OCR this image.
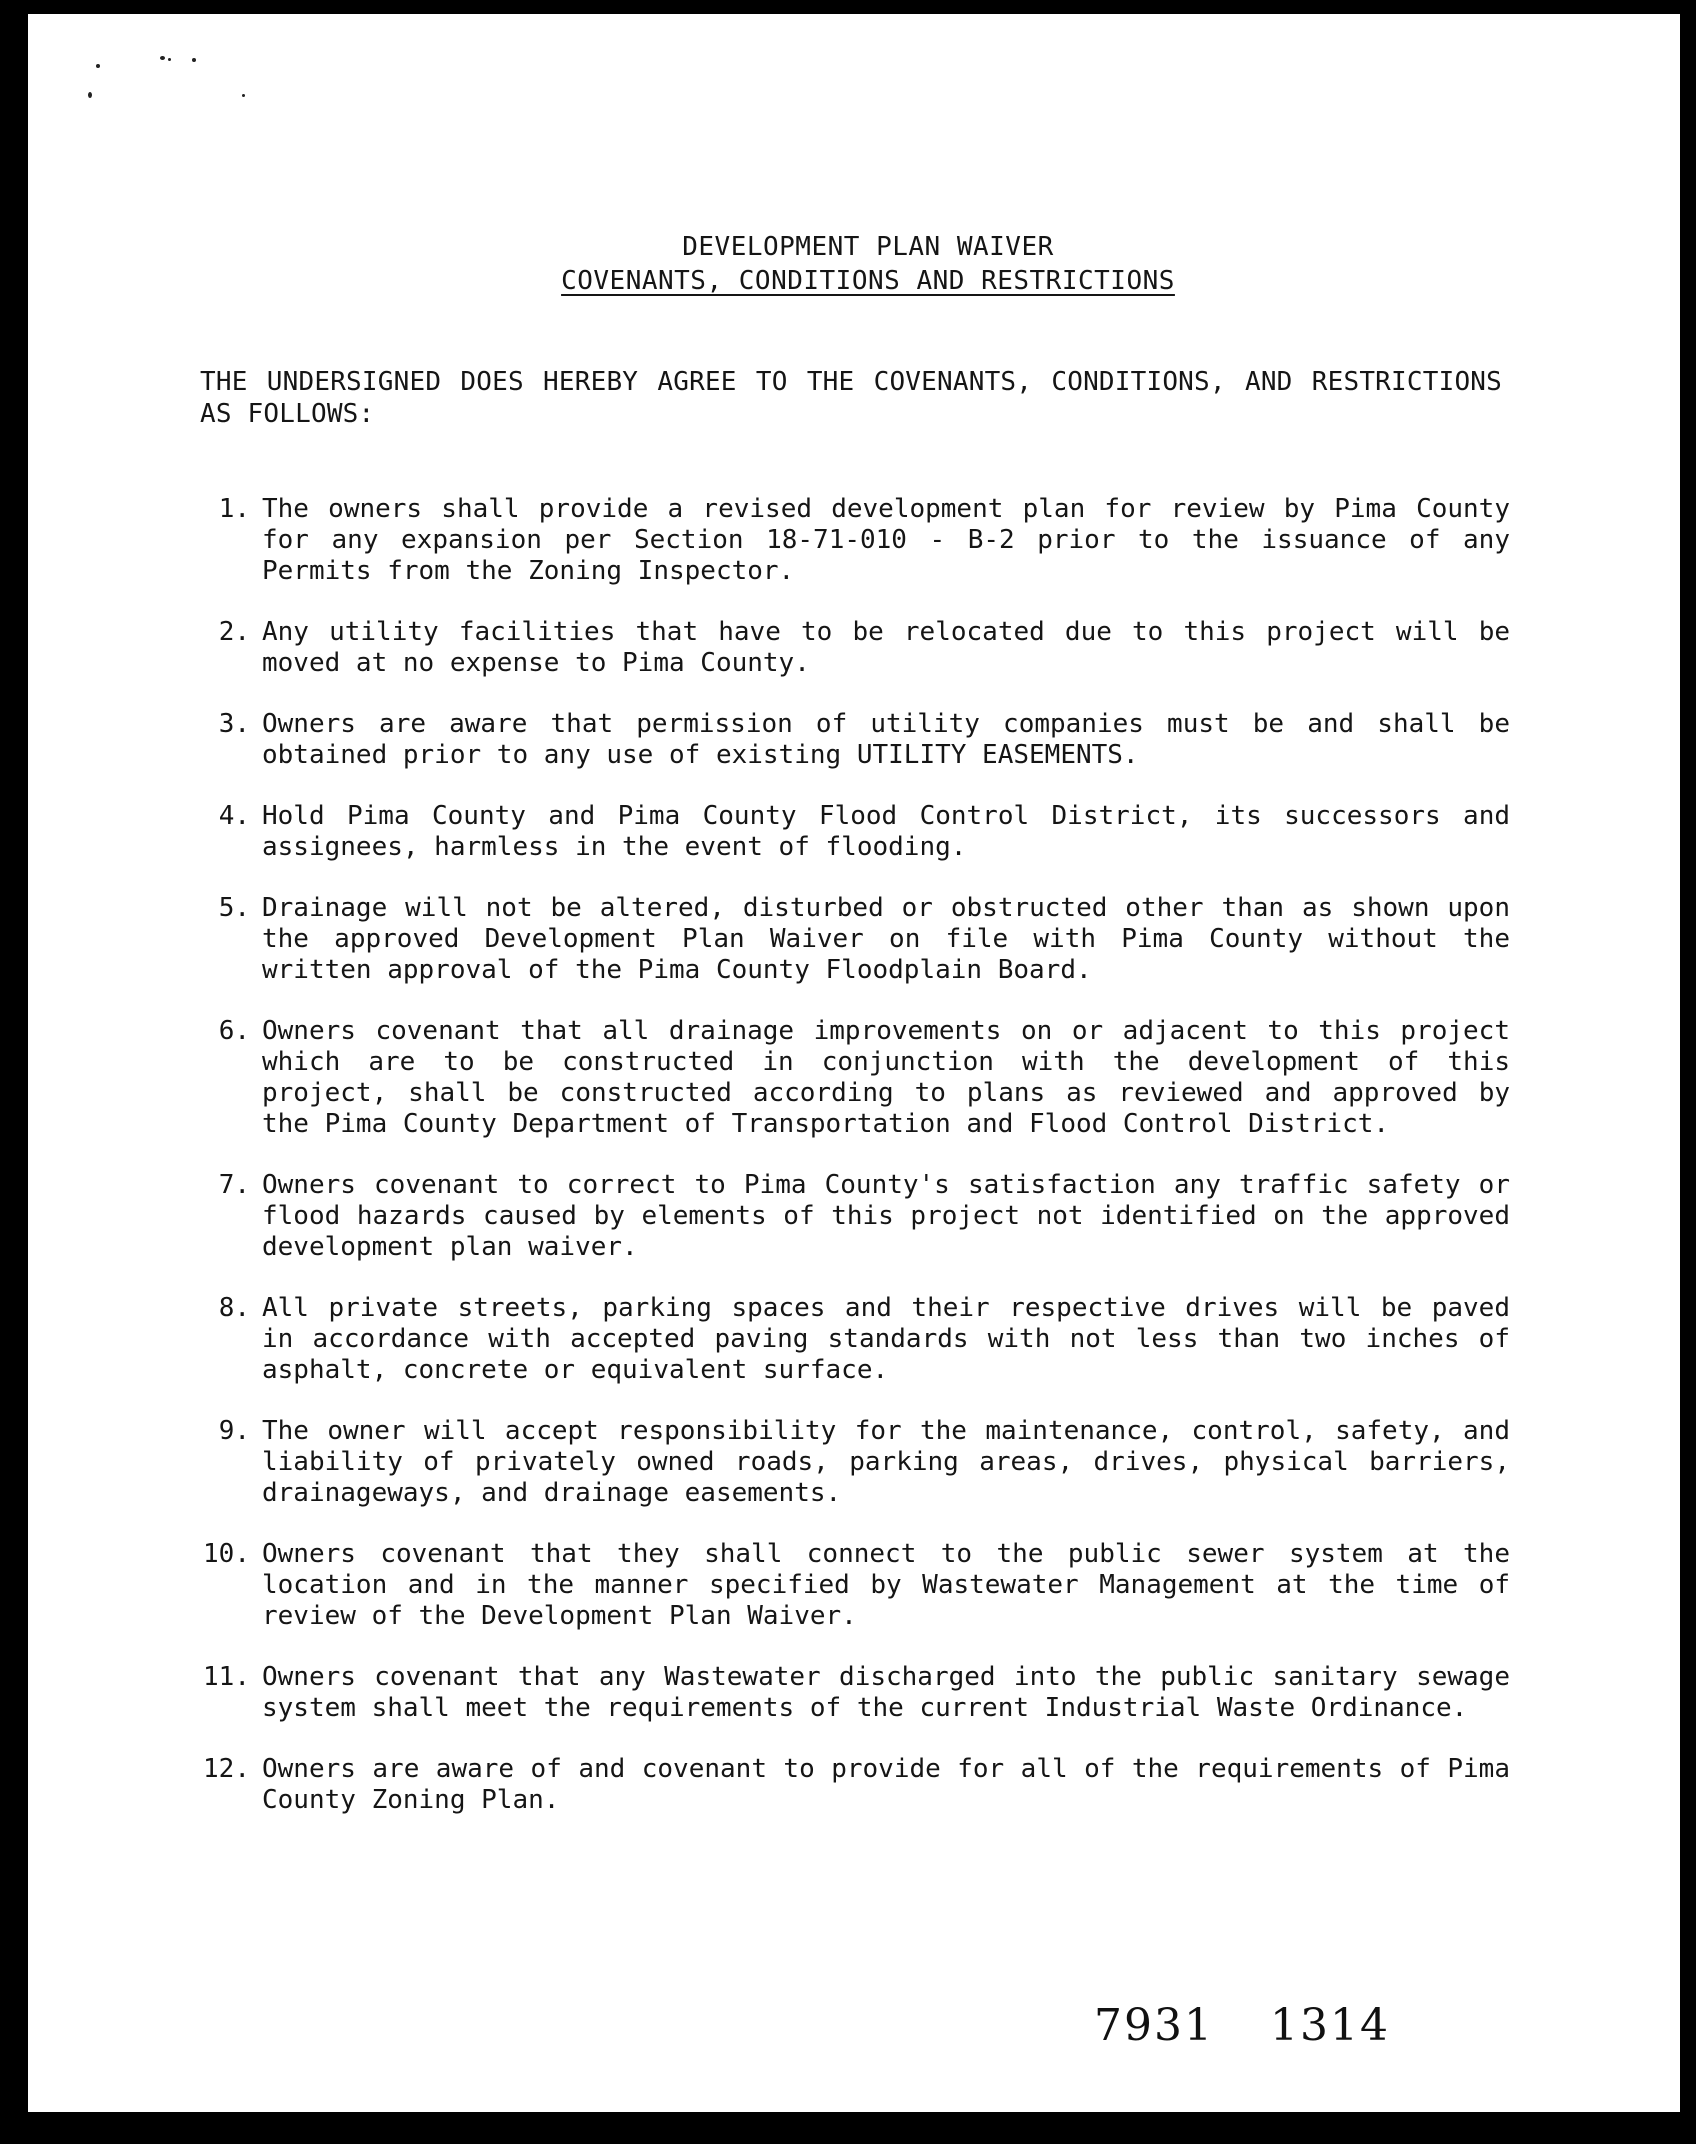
DEVELOPMENT PLAN WAIVER
COVENANTS, CONDITIONS AND RESTRICTIONS
THE UNDERSIGNED DOES HEREBY AGREE TO THE COVENANTS, CONDITIONS, AND RESTRICTIONS AS FOLLOWS:
1. The owners shall provide a revised development plan for review by Pima County for any expansion per Section 18-71-010 - B-2 prior to the issuance of any Permits from the Zoning Inspector.
2. Any utility facilities that have to be relocated due to this project will be moved at no expense to Pima County.
3. Owners are aware that permission of utility companies must be and shall be obtained prior to any use of existing UTILITY EASEMENTS.
4. Hold Pima County and Pima County Flood Control District, its successors and assignees, harmless in the event of flooding.
5. Drainage will not be altered, disturbed or obstructed other than as shown upon the approved Development Plan Waiver on file with Pima County without the written approval of the Pima County Floodplain Board.
6. Owners covenant that all drainage improvements on or adjacent to this project which are to be constructed in conjunction with the development of this project, shall be constructed according to plans as reviewed and approved by the Pima County Department of Transportation and Flood Control District.
7. Owners covenant to correct to Pima County's satisfaction any traffic safety or flood hazards caused by elements of this project not identified on the approved development plan waiver.
8. All private streets, parking spaces and their respective drives will be paved in accordance with accepted paving standards with not less than two inches of asphalt, concrete or equivalent surface.
9. The owner will accept responsibility for the maintenance, control, safety, and liability of privately owned roads, parking areas, drives, physical barriers, drainageways, and drainage easements.
10. Owners covenant that they shall connect to the public sewer system at the location and in the manner specified by Wastewater Management at the time of review of the Development Plan Waiver.
11. Owners covenant that any Wastewater discharged into the public sanitary sewage system shall meet the requirements of the current Industrial Waste Ordinance.
12. Owners are aware of and covenant to provide for all of the requirements of Pima County Zoning Plan.
7931 1314
